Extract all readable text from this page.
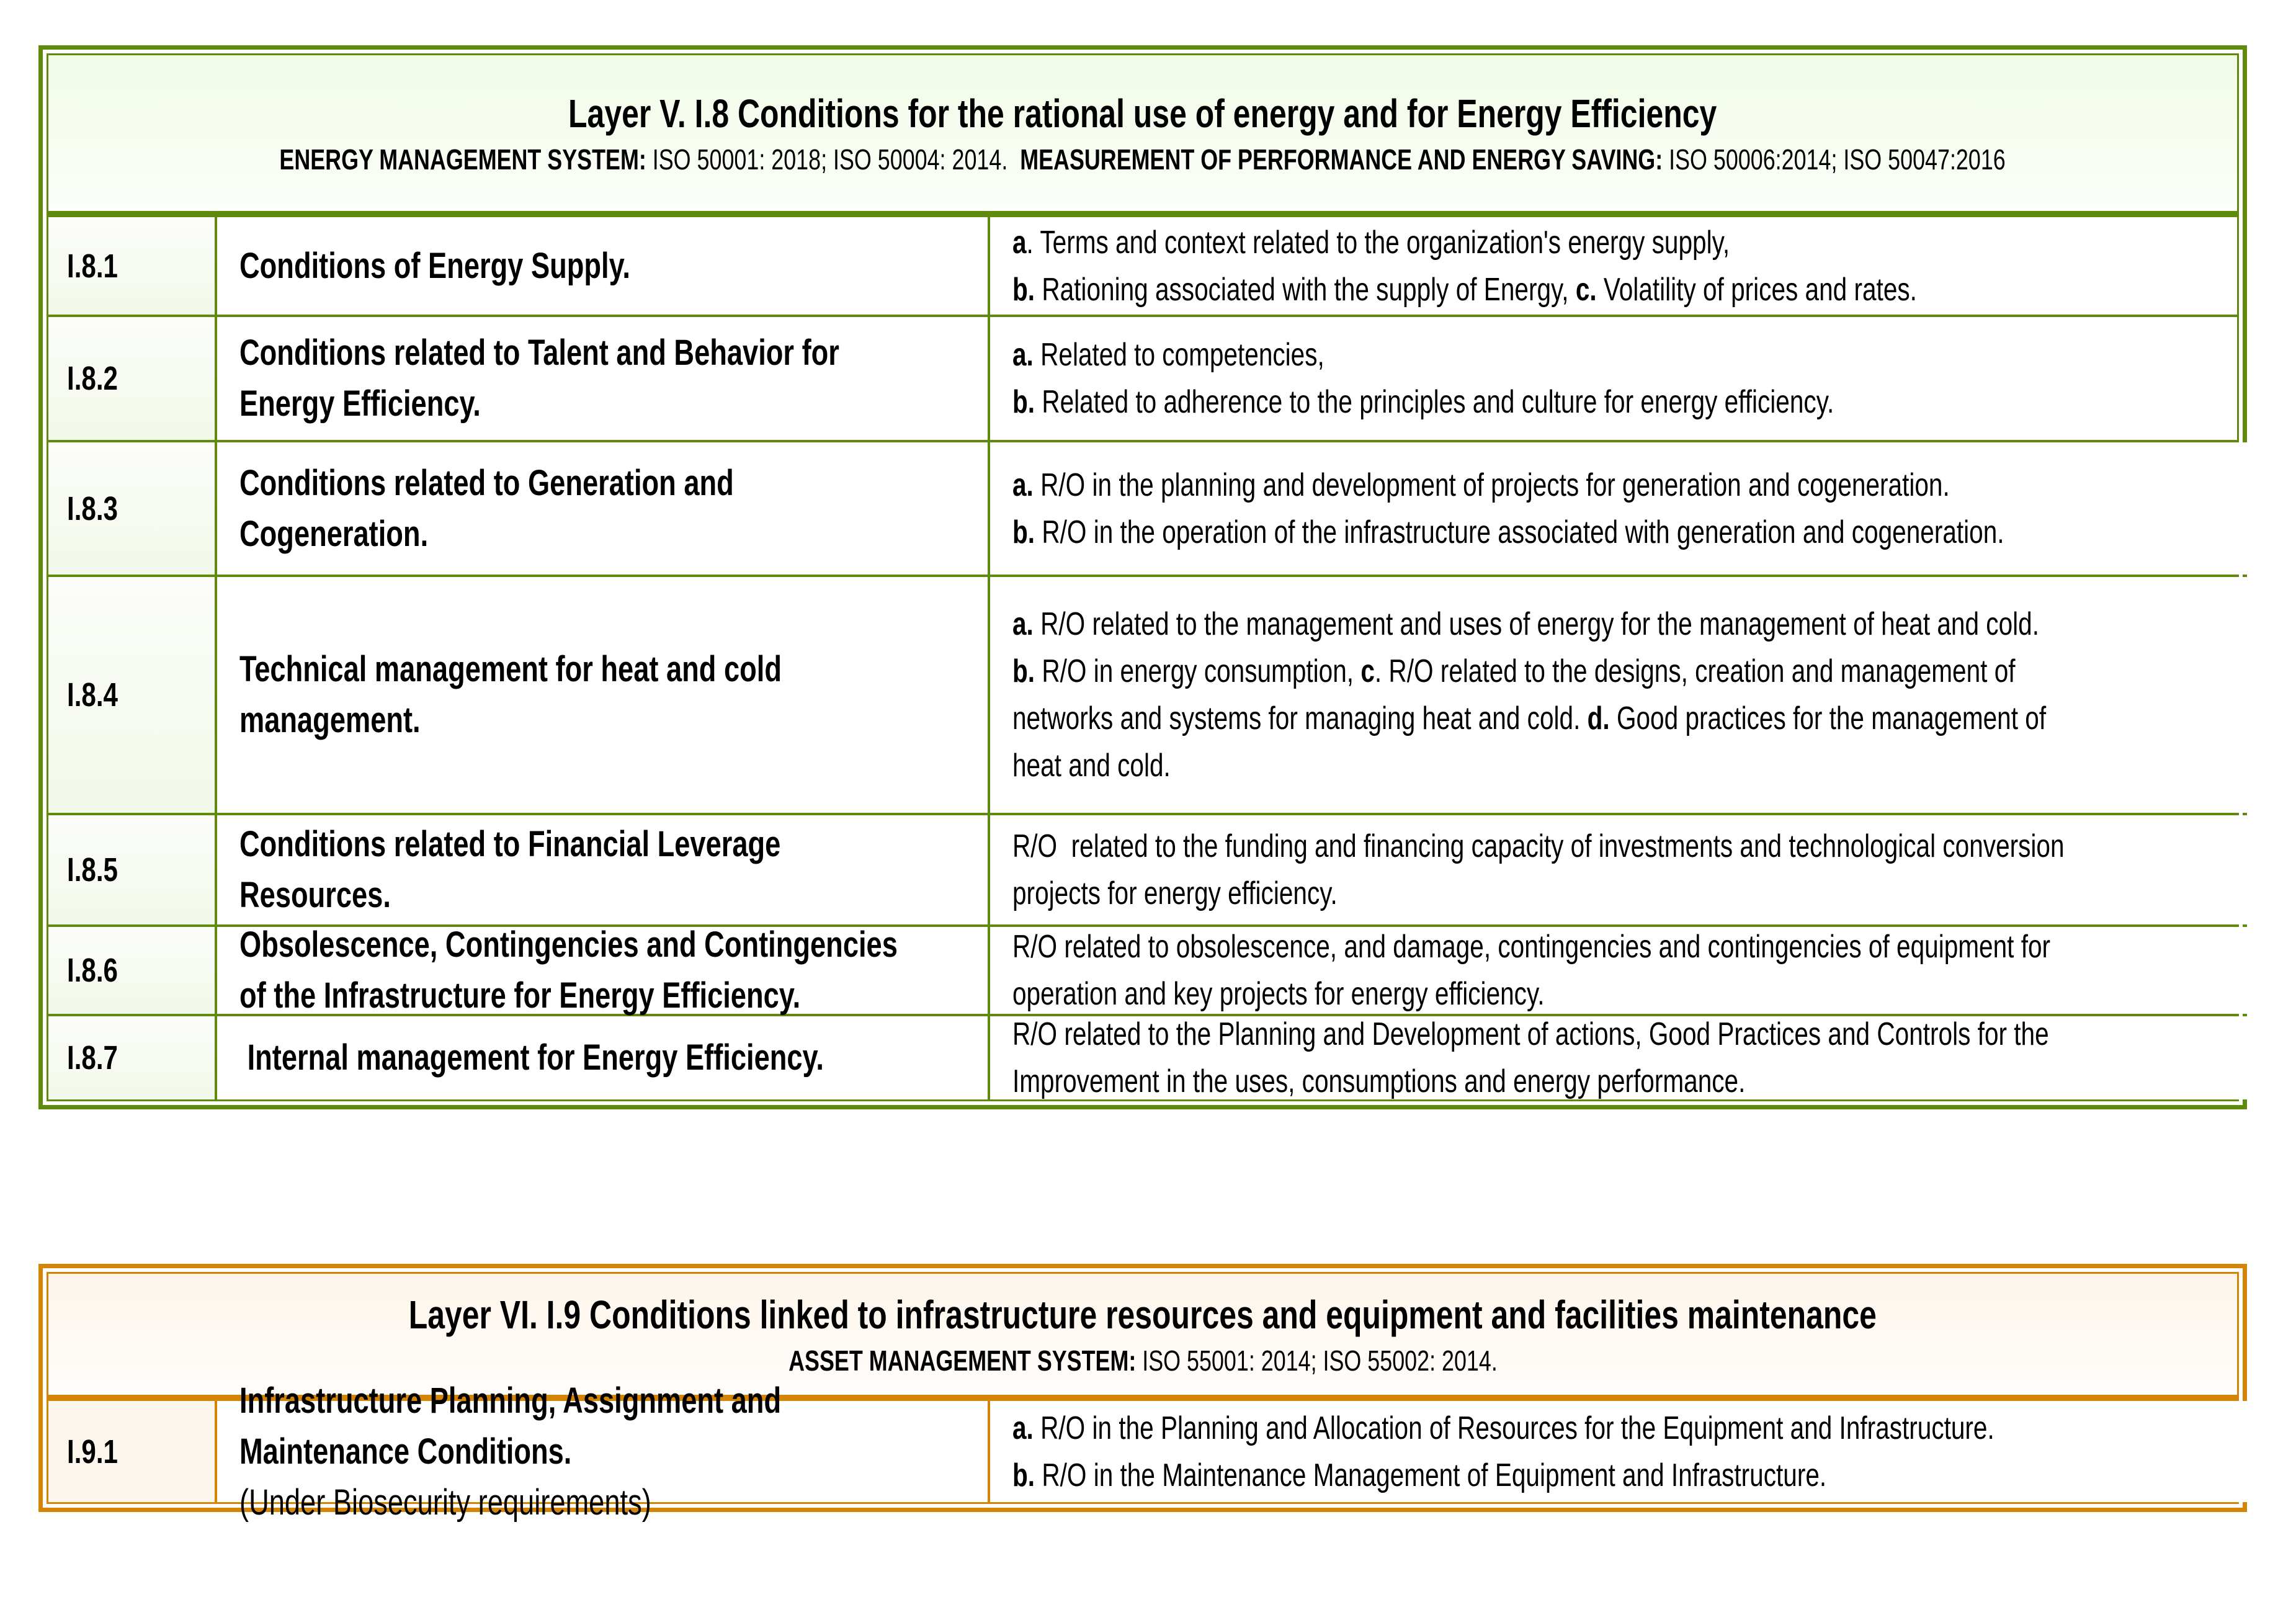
Layer V. I.8 Conditions for the rational use of energy and for Energy Efficiency
ENERGY MANAGEMENT SYSTEM: ISO 50001: 2018; ISO 50004: 2014.  MEASUREMENT OF PERFORMANCE AND ENERGY SAVING: ISO 50006:2014; ISO 50047:2016
I.8.1	Conditions of Energy Supply.
a. Terms and context related to the organization's energy supply,
b. Rationing associated with the supply of Energy, c. Volatility of prices and rates.
I.8.2
Conditions related to Talent and Behavior for
Energy Efficiency.
a. Related to competencies,
b. Related to adherence to the principles and culture for energy efficiency.
I.8.3
Conditions related to Generation and
Cogeneration.
a. R/O in the planning and development of projects for generation and cogeneration.
b. R/O in the operation of the infrastructure associated with generation and cogeneration.
I.8.4
Technical management for heat and cold
management.
a. R/O related to the management and uses of energy for the management of heat and cold.
b. R/O in energy consumption, c. R/O related to the designs, creation and management of
networks and systems for managing heat and cold. d. Good practices for the management of
heat and cold.
I.8.5
Conditions related to Financial Leverage
Resources.
R/O  related to the funding and financing capacity of investments and technological conversion
projects for energy efficiency.
I.8.6
Obsolescence, Contingencies and Contingencies
of the Infrastructure for Energy Efficiency.
R/O related to obsolescence, and damage, contingencies and contingencies of equipment for
operation and key projects for energy efficiency.
I.8.7	Internal management for Energy Efficiency.
R/O related to the Planning and Development of actions, Good Practices and Controls for the
Improvement in the uses, consumptions and energy performance.
Layer VI. I.9 Conditions linked to infrastructure resources and equipment and facilities maintenance
ASSET MANAGEMENT SYSTEM: ISO 55001: 2014; ISO 55002: 2014.
I.9.1
Infrastructure Planning, Assignment and
Maintenance Conditions.
(Under Biosecurity requirements)
a. R/O in the Planning and Allocation of Resources for the Equipment and Infrastructure.
b. R/O in the Maintenance Management of Equipment and Infrastructure.
